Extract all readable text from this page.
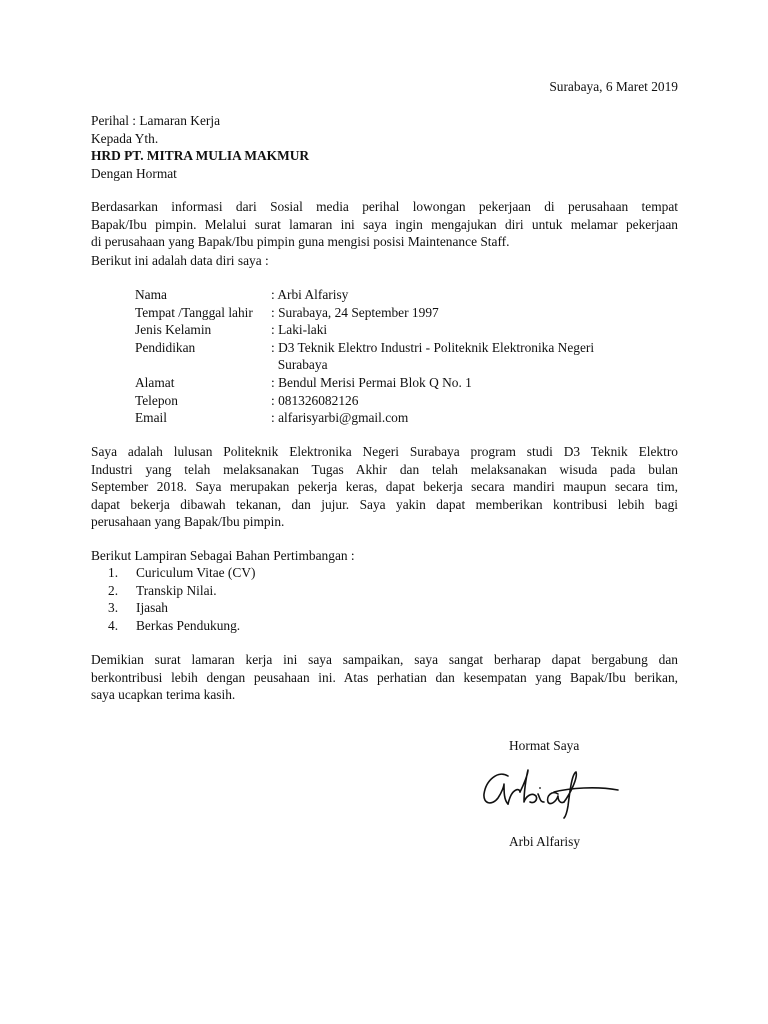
Surabaya, 6 Maret 2019
Perihal : Lamaran Kerja
Kepada Yth.
HRD PT. MITRA MULIA MAKMUR
Dengan Hormat
Berdasarkan informasi dari Sosial media perihal lowongan pekerjaan di perusahaan tempat
Bapak/Ibu pimpin. Melalui surat lamaran ini saya ingin mengajukan diri untuk melamar pekerjaan
di perusahaan yang Bapak/Ibu pimpin guna mengisi posisi Maintenance Staff.
Berikut ini adalah data diri saya :
Nama	: Arbi Alfarisy
Tempat /Tanggal lahir	: Surabaya, 24 September 1997
Jenis Kelamin	: Laki-laki
Pendidikan	: D3 Teknik Elektro Industri - Politeknik Elektronika Negeri
	Surabaya
Alamat	: Bendul Merisi Permai Blok Q No. 1
Telepon	: 081326082126
Email	: alfarisyarbi@gmail.com
Saya adalah lulusan Politeknik Elektronika Negeri Surabaya program studi D3 Teknik Elektro
Industri yang telah melaksanakan Tugas Akhir dan telah melaksanakan wisuda pada bulan
September 2018. Saya merupakan pekerja keras, dapat bekerja secara mandiri maupun secara tim,
dapat bekerja dibawah tekanan, dan jujur. Saya yakin dapat memberikan kontribusi lebih bagi
perusahaan yang Bapak/Ibu pimpin.
Berikut Lampiran Sebagai Bahan Pertimbangan :
1. Curiculum Vitae (CV)
2. Transkip Nilai.
3. Ijasah
4. Berkas Pendukung.
Demikian surat lamaran kerja ini saya sampaikan, saya sangat berharap dapat bergabung dan
berkontribusi lebih dengan peusahaan ini. Atas perhatian dan kesempatan yang Bapak/Ibu berikan,
saya ucapkan terima kasih.
Hormat Saya
Arbi Alfarisy
